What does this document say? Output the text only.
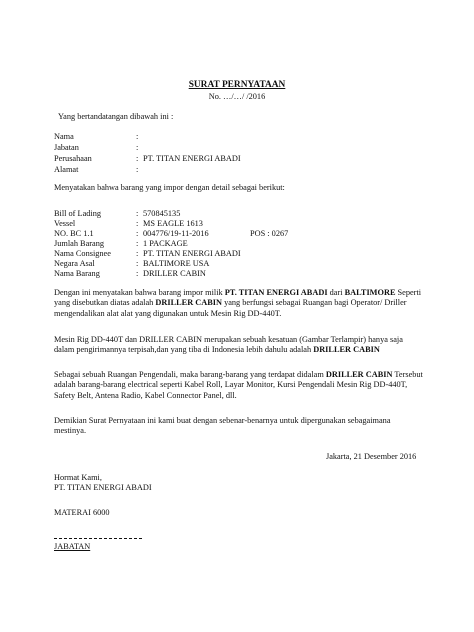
SURAT PERNYATAAN
No. …/…/ /2016
Yang bertandatangan dibawah ini :
Nama	:
Jabatan	:
Perusahaan	: PT. TITAN ENERGI ABADI
Alamat	:
Menyatakan bahwa barang yang impor dengan detail sebagai berikut:
Bill of Lading	: 570845135
Vessel	: MS EAGLE 1613
NO. BC 1.1	: 004776/19-11-2016	POS : 0267
Jumlah Barang	: 1 PACKAGE
Nama Consignee	: PT. TITAN ENERGI ABADI
Negara Asal	: BALTIMORE USA
Nama Barang	: DRILLER CABIN
Dengan ini menyatakan bahwa barang impor milik PT. TITAN ENERGI ABADI dari BALTIMORE Seperti yang disebutkan diatas adalah DRILLER CABIN yang berfungsi sebagai Ruangan bagi Operator/ Driller mengendalikan alat alat yang digunakan untuk Mesin Rig DD-440T.
Mesin Rig DD-440T dan DRILLER CABIN merupakan sebuah kesatuan (Gambar Terlampir) hanya saja dalam pengirimannya terpisah,dan yang tiba di Indonesia lebih dahulu adalah DRILLER CABIN
Sebagai sebuah Ruangan Pengendali, maka barang-barang yang terdapat didalam DRILLER CABIN Tersebut adalah barang-barang electrical seperti Kabel Roll, Layar Monitor, Kursi Pengendali Mesin Rig DD-440T, Safety Belt, Antena Radio, Kabel Connector Panel, dll.
Demikian Surat Pernyataan ini kami buat dengan sebenar-benarnya untuk dipergunakan sebagaimana mestinya.
Jakarta, 21 Desember 2016
Hormat Kami,
PT. TITAN ENERGI ABADI
MATERAI 6000
JABATAN
